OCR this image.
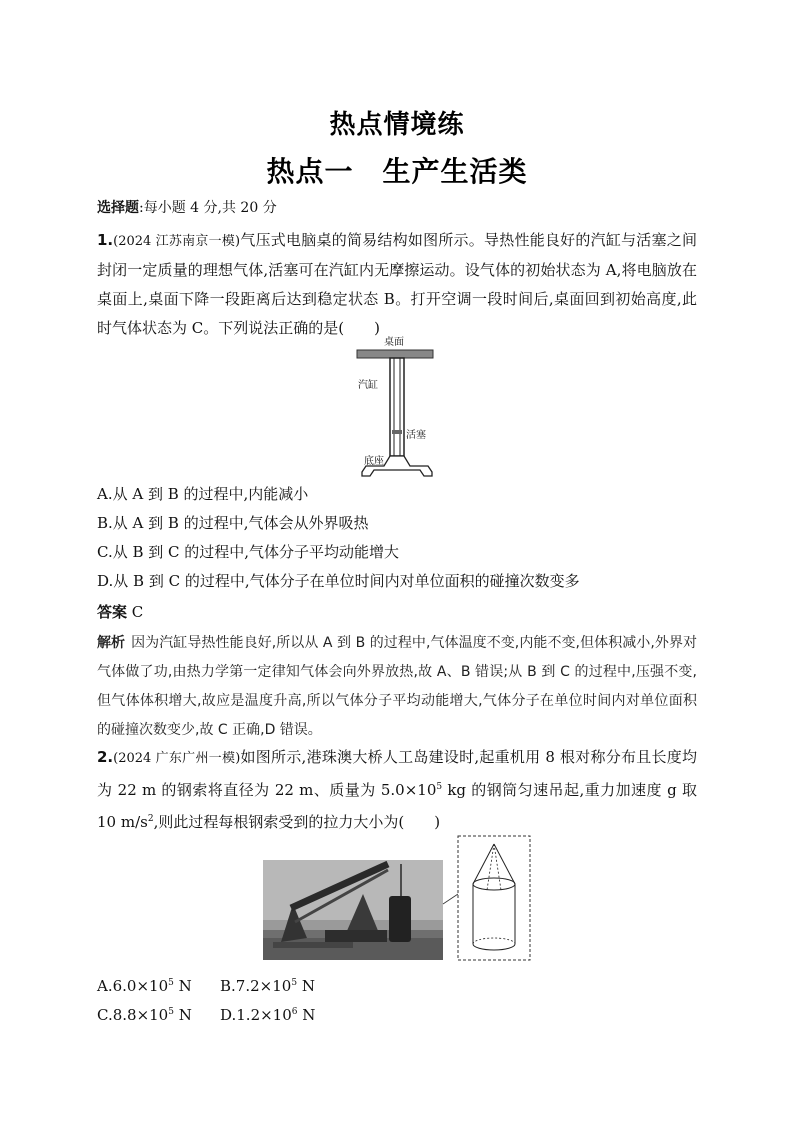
热点情境练
热点一　生产生活类
选择题:每小题 4 分,共 20 分
1.(2024 江苏南京一模)气压式电脑桌的简易结构如图所示。导热性能良好的汽缸与活塞之间封闭一定质量的理想气体,活塞可在汽缸内无摩擦运动。设气体的初始状态为 A,将电脑放在桌面上,桌面下降一段距离后达到稳定状态 B。打开空调一段时间后,桌面回到初始高度,此时气体状态为 C。下列说法正确的是(　　)
桌面
汽缸
活塞
底座
A.从 A 到 B 的过程中,内能减小
B.从 A 到 B 的过程中,气体会从外界吸热
C.从 B 到 C 的过程中,气体分子平均动能增大
D.从 B 到 C 的过程中,气体分子在单位时间内对单位面积的碰撞次数变多
答案 C
解析 因为汽缸导热性能良好,所以从 A 到 B 的过程中,气体温度不变,内能不变,但体积减小,外界对气体做了功,由热力学第一定律知气体会向外界放热,故 A、B 错误;从 B 到 C 的过程中,压强不变,但气体体积增大,故应是温度升高,所以气体分子平均动能增大,气体分子在单位时间内对单位面积的碰撞次数变少,故 C 正确,D 错误。
2.(2024 广东广州一模)如图所示,港珠澳大桥人工岛建设时,起重机用 8 根对称分布且长度均为 22 m 的钢索将直径为 22 m、质量为 $5.0\times 10^5$ kg 的钢筒匀速吊起,重力加速度 g 取 10 $m/s^2$,则此过程每根钢索受到的拉力大小为(　　)
$A.6.0\times 10^5$ N $B.7.2\times 10^5$ N
$C.8.8\times 10^5$ N $D.1.2\times 10^6$ N
